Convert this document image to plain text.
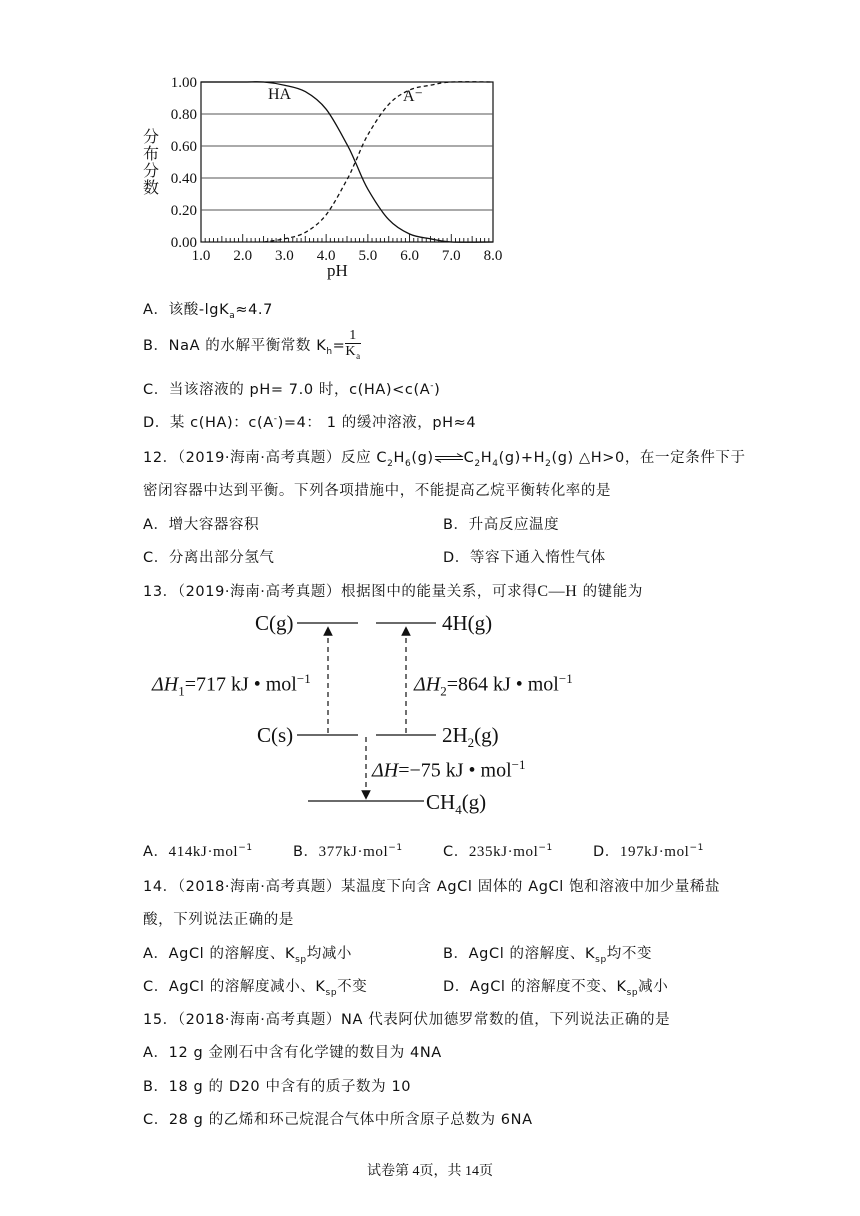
0.00
0.20
0.40
0.60
0.80
1.00
1.0 2.0 3.0 4.0 5.0 6.0 7.0 8.0
HA	A⁻
分布分数
pH
A．该酸-lgK$_a$≈4.7
B．NaA 的水解平衡常数 $K_h= \frac{1}{K_a}$
C．当该溶液的 pH= 7.0 时，c(HA)<c(A-)
D．某 c(HA)：c(A-)=4： 1 的缓冲溶液，pH≈4
12．（2019·海南·高考真题）反应 $C_2H_6(g)\rightleftharpoons C_2H_4(g)+H_2(g)$ △H>0，在一定条件下于
密闭容器中达到平衡。下列各项措施中，不能提高乙烷平衡转化率的是
A．增大容器容积	B．升高反应温度
C．分离出部分氢气	D．等容下通入惰性气体
13．（2019·海南·高考真题）根据图中的能量关系，可求得C—H 的键能为
C(g)	4H(g)
C(s)	$2H_2(g)$
$CH_4(g)$
$\Delta H_1=717$ kJ • mol$^{-1}$	$\Delta H_2=864$ kJ • mol$^{-1}$
ΔH=−75 kJ • mol$^{-1}$
A．414kJ·mol$^{-1}$	B．377kJ·mol$^{-1}$	C．235kJ·mol$^{-1}$	D．197kJ·mol$^{-1}$
14．（2018·海南·高考真题）某温度下向含 AgCl 固体的 AgCl 饱和溶液中加少量稀盐
酸，下列说法正确的是
A．AgCl 的溶解度、$K_{sp}$均减小	B．AgCl 的溶解度、$K_{sp}$均不变
C．AgCl 的溶解度减小、$K_{sp}$不变	D．AgCl 的溶解度不变、$K_{sp}$减小
15．（2018·海南·高考真题）NA 代表阿伏加德罗常数的值，下列说法正确的是
A．12 g 金刚石中含有化学键的数目为 4NA
B．18 g 的 D20 中含有的质子数为 10
C．28 g 的乙烯和环己烷混合气体中所含原子总数为 6NA
试卷第 4页，共 14页
